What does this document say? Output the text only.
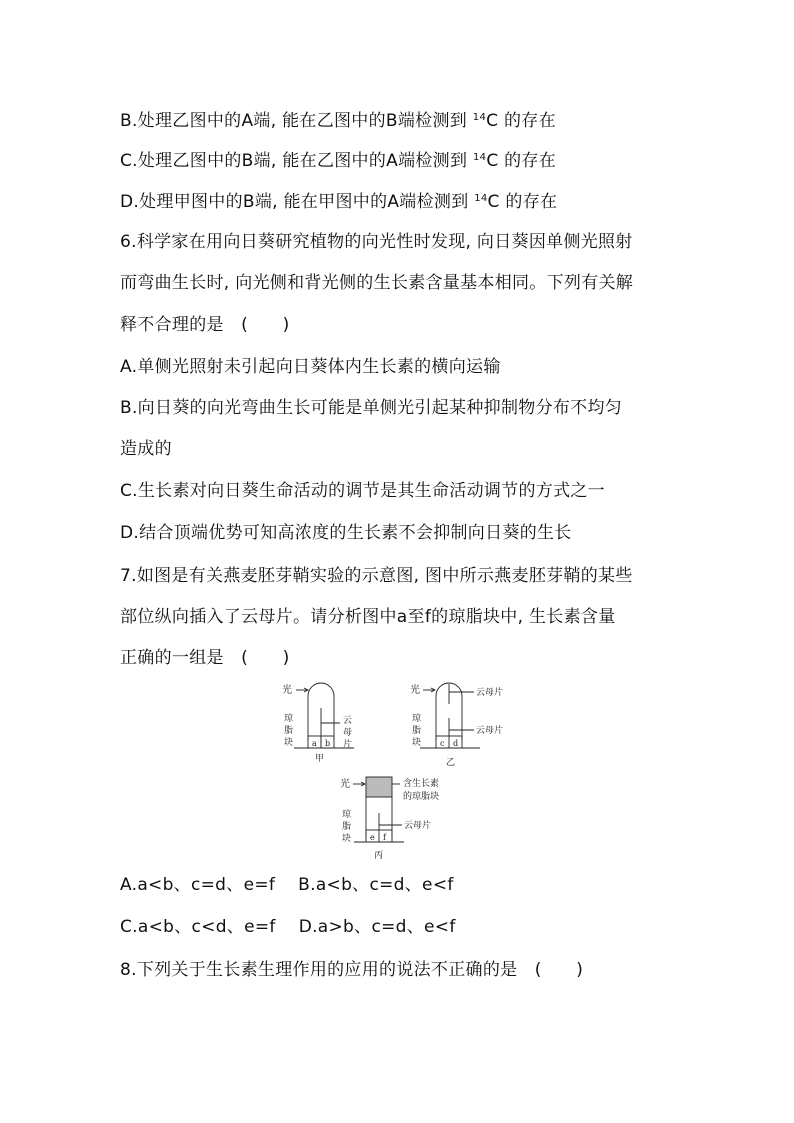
B.处理乙图中的A端, 能在乙图中的B端检测到 $^{14}$C 的存在
C.处理乙图中的B端, 能在乙图中的A端检测到 $^{14}$C 的存在
D.处理甲图中的B端, 能在甲图中的A端检测到 $^{14}$C 的存在
6.科学家在用向日葵研究植物的向光性时发现, 向日葵因单侧光照射
而弯曲生长时, 向光侧和背光侧的生长素含量基本相同。下列有关解
释不合理的是　(　　)
A.单侧光照射未引起向日葵体内生长素的横向运输
B.向日葵的向光弯曲生长可能是单侧光引起某种抑制物分布不均匀
造成的
C.生长素对向日葵生命活动的调节是其生命活动调节的方式之一
D.结合顶端优势可知高浓度的生长素不会抑制向日葵的生长
7.如图是有关燕麦胚芽鞘实验的示意图, 图中所示燕麦胚芽鞘的某些
部位纵向插入了云母片。请分析图中a至f的琼脂块中, 生长素含量
正确的一组是　(　　)
光
a b
琼
脂
块
云
母
片
甲
光
c d
云母片
云母片
琼
脂
块
乙
光
e f
含生长素
的琼脂块
云母片
琼
脂
块
丙
A.a<b、c=d、e=f　 B.a<b、c=d、e<f
C.a<b、c<d、e=f　 D.a>b、c=d、e<f
8.下列关于生长素生理作用的应用的说法不正确的是　(　　)
